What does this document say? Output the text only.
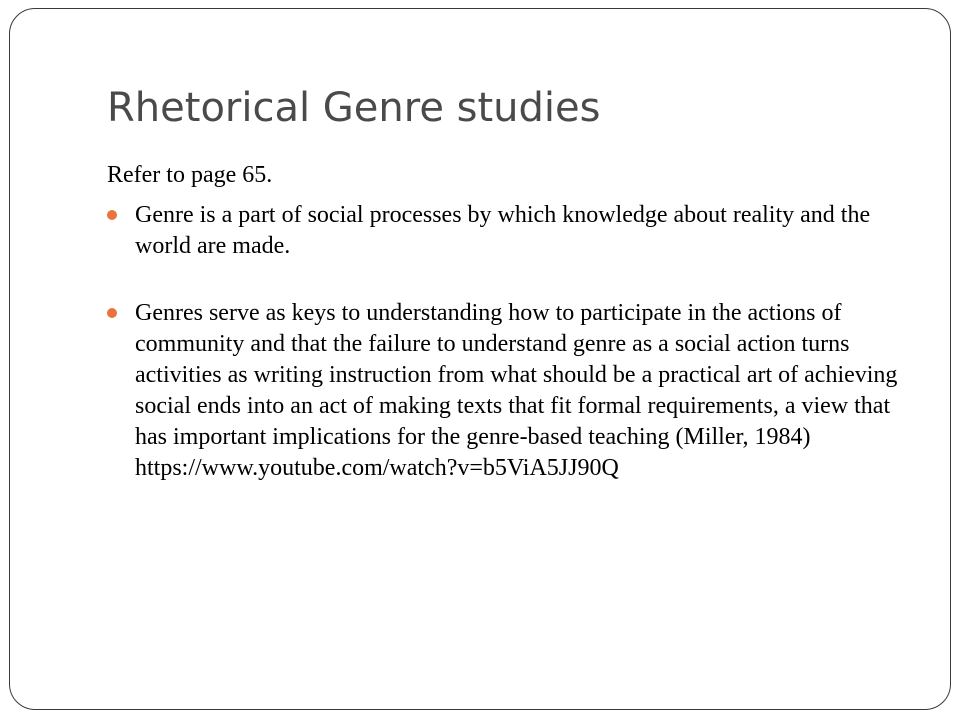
Rhetorical Genre studies

Refer to page 65.

Genre is a part of social processes by which knowledge about reality and the world are made.
Genres serve as keys to understanding how to participate in the actions of community and that the failure to understand genre as a social action turns activities as writing instruction from what should be a practical art of achieving social ends into an act of making texts that fit formal requirements, a view that has important implications for the genre-based teaching (Miller, 1984) https://www.youtube.com/watch?v=b5ViA5JJ90Q
